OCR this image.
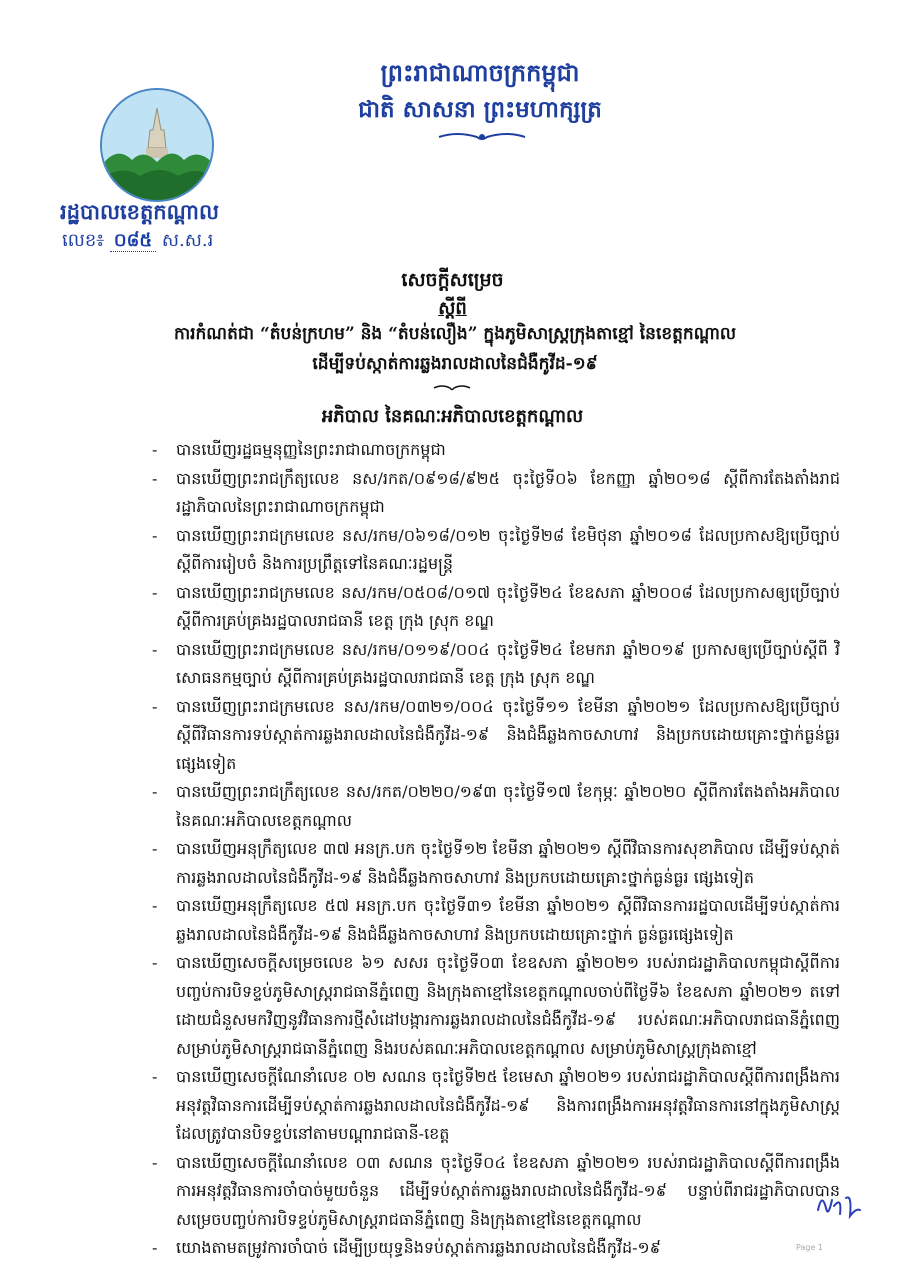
ព្រះរាជាណាចក្រកម្ពុជា
ជាតិ សាសនា ព្រះមហាក្សត្រ
រដ្ឋបាលខេត្តកណ្តាល
លេខ៖ ០៨៥ ស.ស.រ
សេចក្តីសម្រេច
ស្តីពី
ការកំណត់ជា “តំបន់ក្រហម” និង “តំបន់លឿង” ក្នុងភូមិសាស្ត្រក្រុងតាខ្មៅ នៃខេត្តកណ្តាល
ដើម្បីទប់ស្កាត់ការឆ្លងរាលដាលនៃជំងឺកូវីដ-១៩
អភិបាល នៃគណៈអភិបាលខេត្តកណ្តាល
- បានឃើញរដ្ឋធម្មនុញ្ញនៃព្រះរាជាណាចក្រកម្ពុជា
- បានឃើញព្រះរាជក្រឹត្យលេខ នស/រកត/០៩១៨/៩២៥ ចុះថ្ងៃទី០៦ ខែកញ្ញា ឆ្នាំ២០១៨ ស្តីពីការតែងតាំងរាជរដ្ឋាភិបាលនៃព្រះរាជាណាចក្រកម្ពុជា
- បានឃើញព្រះរាជក្រមលេខ នស/រកម/០៦១៨/០១២ ចុះថ្ងៃទី២៨ ខែមិថុនា ឆ្នាំ២០១៨ ដែលប្រកាសឱ្យប្រើច្បាប់ស្តីពីការរៀបចំ និងការប្រព្រឹត្តទៅនៃគណៈរដ្ឋមន្ត្រី
- បានឃើញព្រះរាជក្រមលេខ នស/រកម/០៥០៨/០១៧ ចុះថ្ងៃទី២៤ ខែឧសភា ឆ្នាំ២០០៨ ដែលប្រកាសឲ្យប្រើច្បាប់ស្តីពីការគ្រប់គ្រងរដ្ឋបាលរាជធានី ខេត្ត ក្រុង ស្រុក ខណ្ឌ
- បានឃើញព្រះរាជក្រមលេខ នស/រកម/០១១៩/០០៤ ចុះថ្ងៃទី២៤ ខែមករា ឆ្នាំ២០១៩ ប្រកាសឲ្យប្រើច្បាប់ស្តីពី វិសោធនកម្មច្បាប់ ស្តីពីការគ្រប់គ្រងរដ្ឋបាលរាជធានី ខេត្ត ក្រុង ស្រុក ខណ្ឌ
- បានឃើញព្រះរាជក្រមលេខ នស/រកម/០៣២១/០០៤ ចុះថ្ងៃទី១១ ខែមីនា ឆ្នាំ២០២១ ដែលប្រកាសឱ្យប្រើច្បាប់ស្តីពីវិធានការទប់ស្កាត់ការឆ្លងរាលដាលនៃជំងឺកូវីដ-១៩ និងជំងឺឆ្លងកាចសាហាវ និងប្រកបដោយគ្រោះថ្នាក់ធ្ងន់ធ្ងរផ្សេងទៀត
- បានឃើញព្រះរាជក្រឹត្យលេខ នស/រកត/០២២០/១៩៣ ចុះថ្ងៃទី១៧ ខែកុម្ភៈ ឆ្នាំ២០២០ ស្តីពីការតែងតាំងអភិបាលនៃគណៈអភិបាលខេត្តកណ្តាល
- បានឃើញអនុក្រឹត្យលេខ ៣៧ អនក្រ.បក ចុះថ្ងៃទី១២ ខែមីនា ឆ្នាំ២០២១ ស្តីពីវិធានការសុខាភិបាល ដើម្បីទប់ស្កាត់ ការឆ្លងរាលដាលនៃជំងឺកូវីដ-១៩ និងជំងឺឆ្លងកាចសាហាវ និងប្រកបដោយគ្រោះថ្នាក់ធ្ងន់ធ្ងរ ផ្សេងទៀត
- បានឃើញអនុក្រឹត្យលេខ ៥៧ អនក្រ.បក ចុះថ្ងៃទី៣១ ខែមីនា ឆ្នាំ២០២១ ស្តីពីវិធានការរដ្ឋបាលដើម្បីទប់ស្កាត់ការឆ្លងរាលដាលនៃជំងឺកូវីដ-១៩ និងជំងឺឆ្លងកាចសាហាវ និងប្រកបដោយគ្រោះថ្នាក់ ធ្ងន់ធ្ងរផ្សេងទៀត
- បានឃើញសេចក្តីសម្រេចលេខ ៦១ សសរ ចុះថ្ងៃទី០៣ ខែឧសភា ឆ្នាំ២០២១ របស់រាជរដ្ឋាភិបាលកម្ពុជាស្តីពីការបញ្ចប់ការបិទខ្ទប់ភូមិសាស្ត្ររាជធានីភ្នំពេញ និងក្រុងតាខ្មៅនៃខេត្តកណ្តាលចាប់ពីថ្ងៃទី៦ ខែឧសភា ឆ្នាំ២០២១ តទៅ ដោយជំនួសមកវិញនូវវិធានការថ្មីសំដៅបង្ការការឆ្លងរាលដាលនៃជំងឺកូវីដ-១៩ របស់គណៈអភិបាលរាជធានីភ្នំពេញ សម្រាប់ភូមិសាស្ត្ររាជធានីភ្នំពេញ និងរបស់គណៈអភិបាលខេត្តកណ្តាល សម្រាប់ភូមិសាស្ត្រក្រុងតាខ្មៅ
- បានឃើញសេចក្តីណែនាំលេខ ០២ សណន ចុះថ្ងៃទី២៥ ខែមេសា ឆ្នាំ២០២១ របស់រាជរដ្ឋាភិបាលស្តីពីការពង្រឹងការអនុវត្តវិធានការដើម្បីទប់ស្កាត់ការឆ្លងរាលដាលនៃជំងឺកូវីដ-១៩ និងការពង្រឹងការអនុវត្តវិធានការនៅក្នុងភូមិសាស្ត្រ ដែលត្រូវបានបិទខ្ទប់នៅតាមបណ្តារាជធានី-ខេត្ត
- បានឃើញសេចក្តីណែនាំលេខ ០៣ សណន ចុះថ្ងៃទី០៤ ខែឧសភា ឆ្នាំ២០២១ របស់រាជរដ្ឋាភិបាលស្តីពីការពង្រឹងការអនុវត្តវិធានការចាំបាច់មួយចំនួន ដើម្បីទប់ស្កាត់ការឆ្លងរាលដាលនៃជំងឺកូវីដ-១៩ បន្ទាប់ពីរាជរដ្ឋាភិបាលបានសម្រេចបញ្ចប់ការបិទខ្ទប់ភូមិសាស្ត្ររាជធានីភ្នំពេញ និងក្រុងតាខ្មៅនៃខេត្តកណ្តាល
- យោងតាមតម្រូវការចាំបាច់ ដើម្បីប្រយុទ្ធនិងទប់ស្កាត់ការឆ្លងរាលដាលនៃជំងឺកូវីដ-១៩	Page 1
